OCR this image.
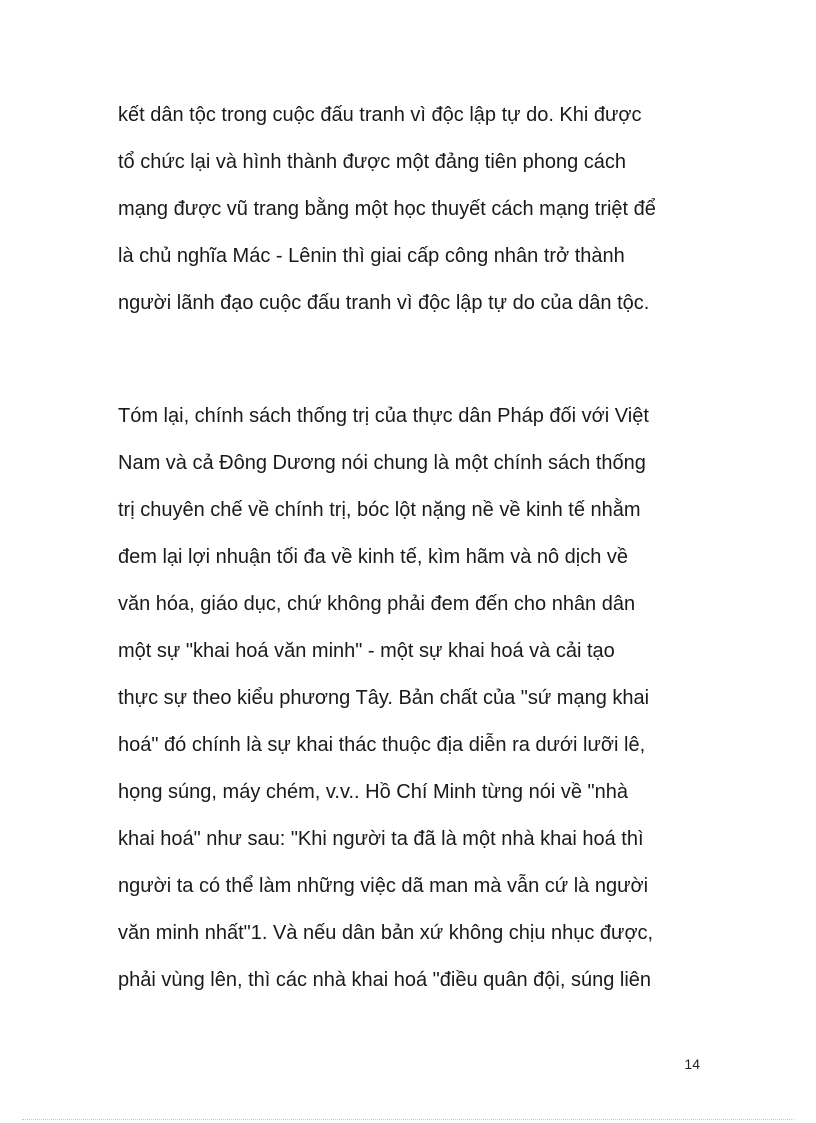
kết dân tộc trong cuộc đấu tranh vì độc lập tự do. Khi được
tổ chức lại và hình thành được một đảng tiên phong cách
mạng được vũ trang bằng một học thuyết cách mạng triệt để
là chủ nghĩa Mác - Lênin thì giai cấp công nhân trở thành
người lãnh đạo cuộc đấu tranh vì độc lập tự do của dân tộc.
Tóm lại, chính sách thống trị của thực dân Pháp đối với Việt
Nam và cả Đông Dương nói chung là một chính sách thống
trị chuyên chế về chính trị, bóc lột nặng nề về kinh tế nhằm
đem lại lợi nhuận tối đa về kinh tế, kìm hãm và nô dịch về
văn hóa, giáo dục, chứ không phải đem đến cho nhân dân
một sự "khai hoá văn minh" - một sự khai hoá và cải tạo
thực sự theo kiểu phương Tây. Bản chất của "sứ mạng khai
hoá" đó chính là sự khai thác thuộc địa diễn ra dưới lưỡi lê,
họng súng, máy chém, v.v.. Hồ Chí Minh từng nói về "nhà
khai hoá" như sau: "Khi người ta đã là một nhà khai hoá thì
người ta có thể làm những việc dã man mà vẫn cứ là người
văn minh nhất"1. Và nếu dân bản xứ không chịu nhục được,
phải vùng lên, thì các nhà khai hoá "điều quân đội, súng liên
14
